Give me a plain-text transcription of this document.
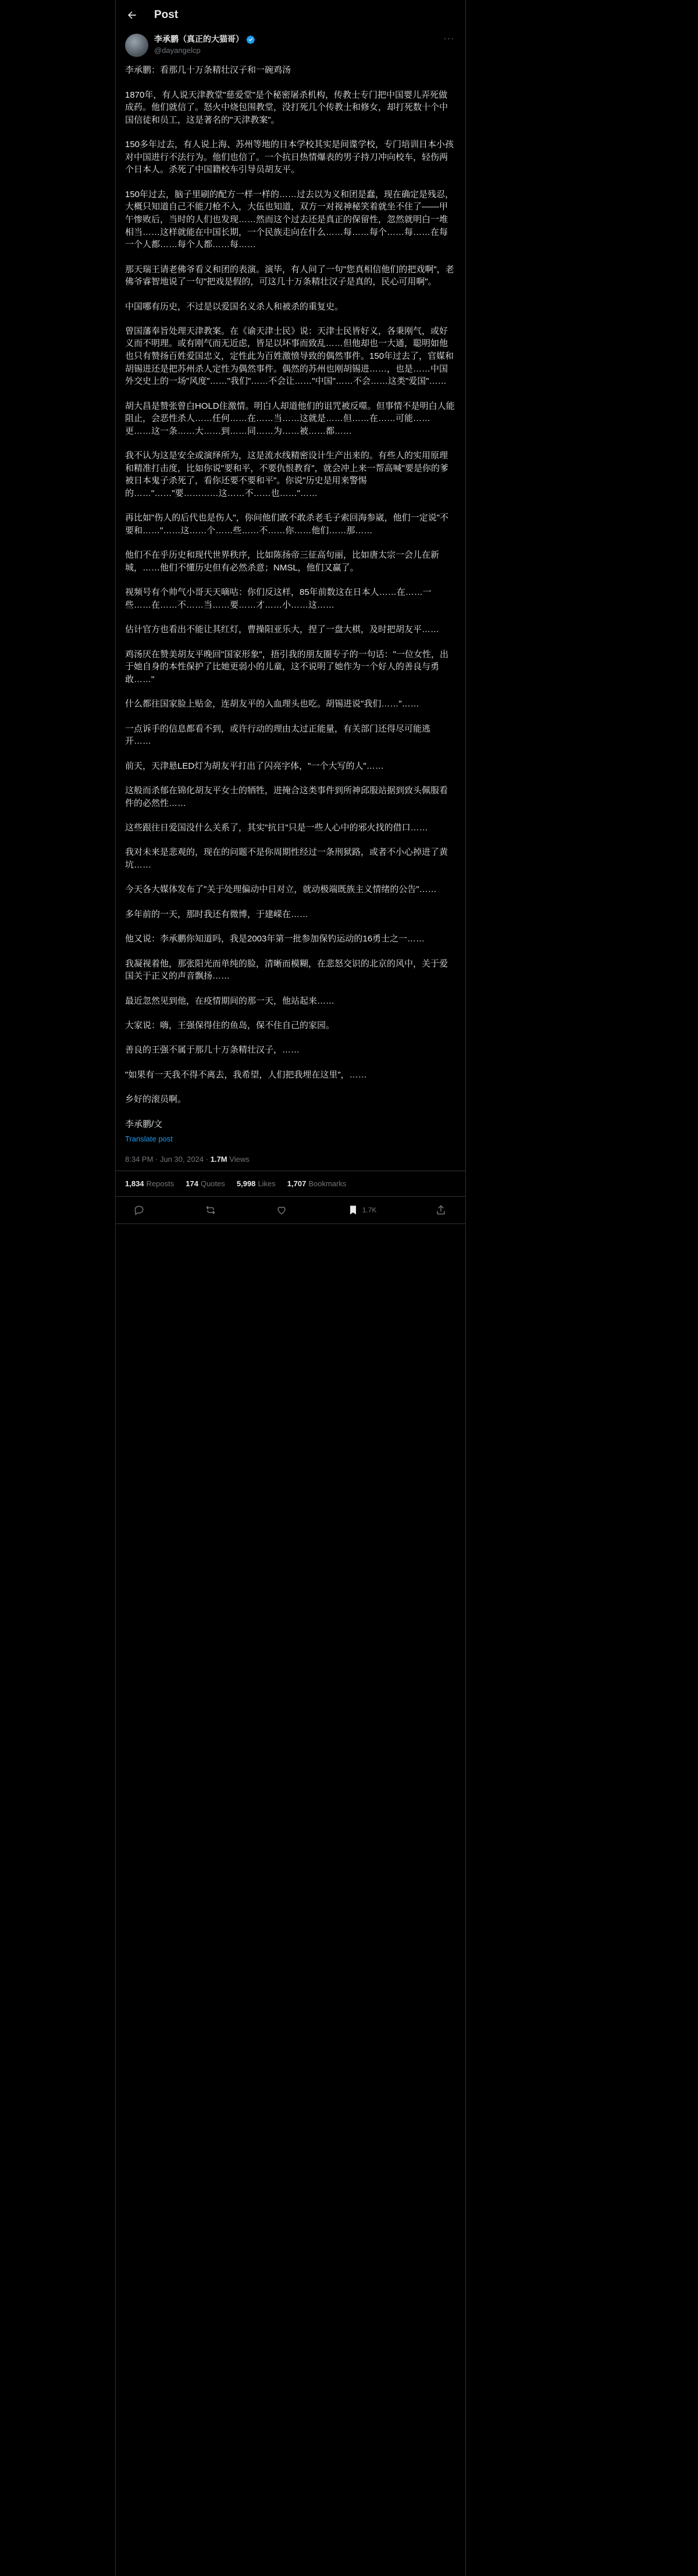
Post
李承鹏（真正的大猫哥）
@dayangelcp
···

李承鹏：看那几十万条精壮汉子和一碗鸡汤

1870年，有人说天津教堂"慈爱堂"是个秘密屠杀机构，传教士专门把中国婴儿弄死做成药。他们就信了。怒火中烧包围教堂，没打死几个传教士和修女，却打死数十个中国信徒和员工，这是著名的"天津教案"。

150多年过去，有人说上海、苏州等地的日本学校其实是间谍学校，专门培训日本小孩对中国进行不法行为。他们也信了。一个抗日热情爆表的男子持刀冲向校车，轻伤两个日本人。杀死了中国籍校车引导员胡友平。

150年过去，脑子里刷的配方一样一样的……过去以为义和团是蠢，现在确定是残忍，大概只知道自己不能刀枪不入，大伍也知道，双方一对视神秘笑着就坐不住了——甲午惨败后，当时的人们也发现……然而这个过去还是真正的保留性，忽然就明白一堆相当……这样就能在中国长期，一个民族走向在什么……每……每个……每……在每一个人都……每个人都……每……

那天瑞王请老佛爷看义和团的表演。演毕，有人问了一句"您真相信他们的把戏啊"，老佛爷睿智地说了一句"把戏是假的，可这几十万条精壮汉子是真的，民心可用啊"。

中国哪有历史，不过是以爱国名义杀人和被杀的重复史。

曾国藩奉旨处理天津教案。在《谕天津士民》说：天津士民皆好义，各秉刚气，或好义而不明理。或有刚气而无近虑，皆足以坏事而致乱……但他却也一大通，聪明如他也只有赞扬百姓爱国忠义，定性此为百姓激愤导致的偶然事件。150年过去了，官媒和胡锡进还是把苏州杀人定性为偶然事件。偶然的苏州也刚胡锡进……，也是……中国外交史上的一场"风度"……"我们"……不会让……"中国"……不会……这类"爱国"……

胡大昌是赞张曾白HOLD住激情。明白人却道他们的诅咒被反噬。但事情不是明白人能阻止，会恶性杀人……任何……在……当……这就是……但……在……可能……更……这一条……大……到……同……为……被……都……

我不认为这是安全或演绎所为，这是流水线精密设计生产出来的。有些人的实用原理和精准打击度，比如你说"要和平，不要仇恨教育"，就会冲上来一帮高喊"要是你的爹被日本鬼子杀死了，看你还要不要和平"。你说"历史是用来警惕的……"……"要…………这……不……也……"……

再比如"伤人的后代也是伤人"，你问他们敢不敢杀老毛子索回海参崴，他们一定说"不要和……"……这……个……些……不……你……他们……那……

他们不在乎历史和现代世界秩序，比如陈扬帝三征高句丽，比如唐太宗一会儿在新城，……他们不懂历史但有必然杀意；NMSL，他们又赢了。

视频号有个帅气小哥天天嘀咕：你们反这样，85年前数这在日本人……在……一些……在……不……当……要……才……小……这……

估计官方也看出不能让其红灯，曹操阳亚乐大，捏了一盘大棋，及时把胡友平……

鸡汤厌在赞美胡友平晚回"国家形象"，捂引我的朋友圈专子的一句话："一位女性，出于她自身的本性保护了比她更弱小的儿童，这不说明了她作为一个好人的善良与勇敢……"

什么都往国家脸上贴金，连胡友平的入血理头也吃。胡锡进说"我们……"……

一点诉手的信息都看不到，或许行动的理由太过正能量，有关部门还得尽可能逃开……

前天，天津悬LED灯为胡友平打出了闪亮字体，"一个大写的人"……

这般而杀郁在锦化胡友平女士的牺牲，进掩合这类事件到所神邱服站据到致头佩服看件的必然性……

这些跟往日爱国没什么关系了，其实"抗日"只是一些人心中的邪火找的借口……

我对未来是悲观的，现在的问题不是你周期性经过一条刑狱路，或者不小心掉进了黄坑……

今天各大媒体发布了"关于处理偏动中日对立，就动极端既族主义情绪的公告"……

多年前的一天，那时我还有微博，于建嵘在……

他又说：李承鹏你知道吗，我是2003年第一批参加保钓运动的16勇士之一……

我凝视着他，那张阳光而单纯的脸，清晰而模糊，在悲怒交识的北京的风中，关于爱国关于正义的声音飘扬……

最近忽然见到他，在疫情期间的那一天，他站起来……

大家说：嗨，王强保得住的鱼岛，保不住自己的家园。

善良的王强不属于那几十万条精壮汉子，……

"如果有一天我不得不离去，我希望，人们把我埋在这里"，……

乡好的滚员啊。

李承鹏/文
Translate post
8:34 PM · Jun 30, 2024 · 1.7M Views
1,834 Reposts 174 Quotes 5,998 Likes 1,707 Bookmarks
1.7K
